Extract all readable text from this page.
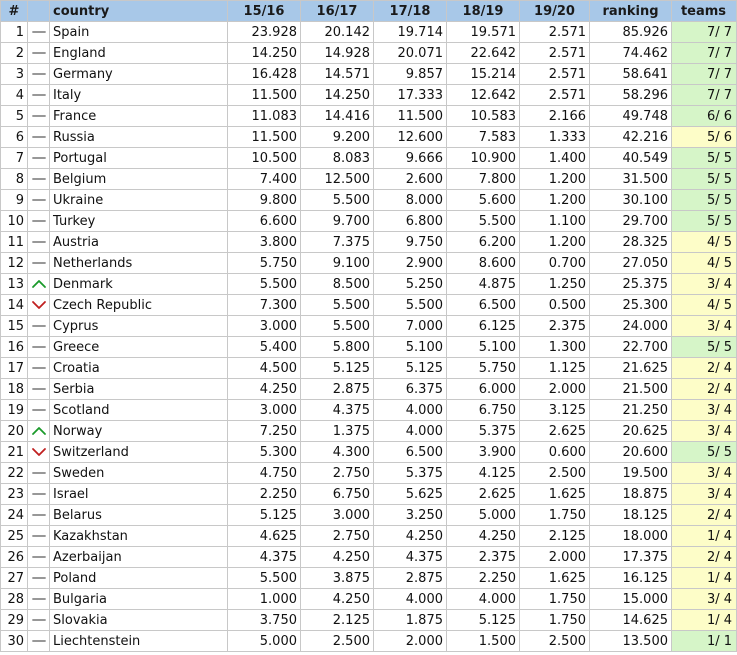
#		country	15/16	16/17	17/18	18/19	19/20	ranking	teams
1		Spain	23.928	20.142	19.714	19.571	2.571	85.926	7/ 7
2		England	14.250	14.928	20.071	22.642	2.571	74.462	7/ 7
3		Germany	16.428	14.571	9.857	15.214	2.571	58.641	7/ 7
4		Italy	11.500	14.250	17.333	12.642	2.571	58.296	7/ 7
5		France	11.083	14.416	11.500	10.583	2.166	49.748	6/ 6
6		Russia	11.500	9.200	12.600	7.583	1.333	42.216	5/ 6
7		Portugal	10.500	8.083	9.666	10.900	1.400	40.549	5/ 5
8		Belgium	7.400	12.500	2.600	7.800	1.200	31.500	5/ 5
9		Ukraine	9.800	5.500	8.000	5.600	1.200	30.100	5/ 5
10		Turkey	6.600	9.700	6.800	5.500	1.100	29.700	5/ 5
11		Austria	3.800	7.375	9.750	6.200	1.200	28.325	4/ 5
12		Netherlands	5.750	9.100	2.900	8.600	0.700	27.050	4/ 5
13		Denmark	5.500	8.500	5.250	4.875	1.250	25.375	3/ 4
14		Czech Republic	7.300	5.500	5.500	6.500	0.500	25.300	4/ 5
15		Cyprus	3.000	5.500	7.000	6.125	2.375	24.000	3/ 4
16		Greece	5.400	5.800	5.100	5.100	1.300	22.700	5/ 5
17		Croatia	4.500	5.125	5.125	5.750	1.125	21.625	2/ 4
18		Serbia	4.250	2.875	6.375	6.000	2.000	21.500	2/ 4
19		Scotland	3.000	4.375	4.000	6.750	3.125	21.250	3/ 4
20		Norway	7.250	1.375	4.000	5.375	2.625	20.625	3/ 4
21		Switzerland	5.300	4.300	6.500	3.900	0.600	20.600	5/ 5
22		Sweden	4.750	2.750	5.375	4.125	2.500	19.500	3/ 4
23		Israel	2.250	6.750	5.625	2.625	1.625	18.875	3/ 4
24		Belarus	5.125	3.000	3.250	5.000	1.750	18.125	2/ 4
25		Kazakhstan	4.625	2.750	4.250	4.250	2.125	18.000	1/ 4
26		Azerbaijan	4.375	4.250	4.375	2.375	2.000	17.375	2/ 4
27		Poland	5.500	3.875	2.875	2.250	1.625	16.125	1/ 4
28		Bulgaria	1.000	4.250	4.000	4.000	1.750	15.000	3/ 4
29		Slovakia	3.750	2.125	1.875	5.125	1.750	14.625	1/ 4
30		Liechtenstein	5.000	2.500	2.000	1.500	2.500	13.500	1/ 1
